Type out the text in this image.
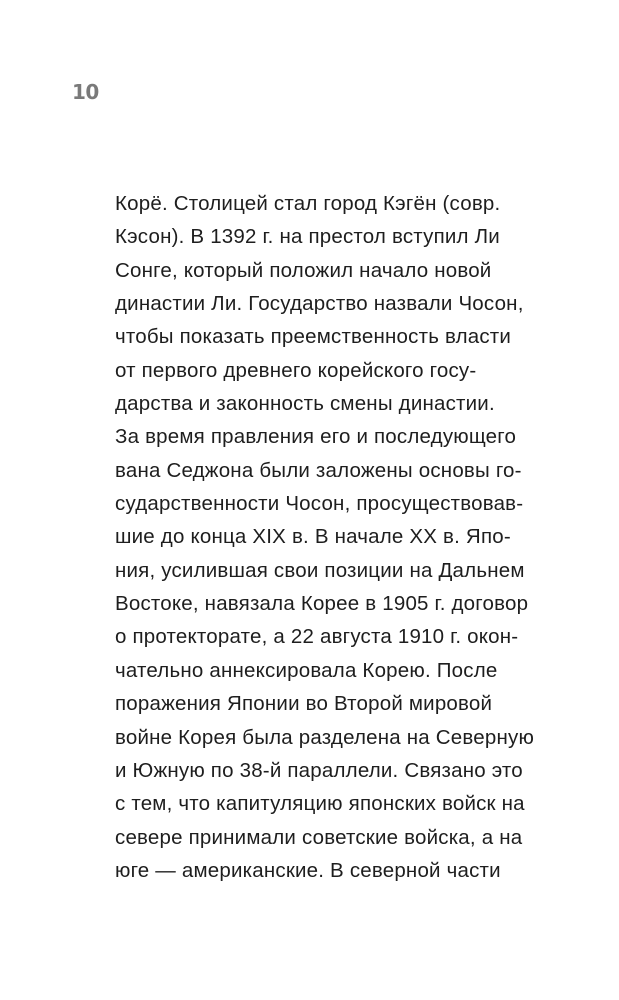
10
Корё. Столицей стал город Кэгён (совр.
Кэсон). В 1392 г. на престол вступил Ли
Сонге, который положил начало новой
династии Ли. Государство назвали Чосон,
чтобы показать преемственность власти
от первого древнего корейского госу-
дарства и законность смены династии.
За время правления его и последующего
вана Седжона были заложены основы го-
сударственности Чосон, просуществовав-
шие до конца XIX в. В начале XX в. Япо-
ния, усилившая свои позиции на Дальнем
Востоке, навязала Корее в 1905 г. договор
о протекторате, а 22 августа 1910 г. окон-
чательно аннексировала Корею. После
поражения Японии во Второй мировой
войне Корея была разделена на Северную
и Южную по 38-й параллели. Связано это
с тем, что капитуляцию японских войск на
севере принимали советские войска, а на
юге — американские. В северной части
